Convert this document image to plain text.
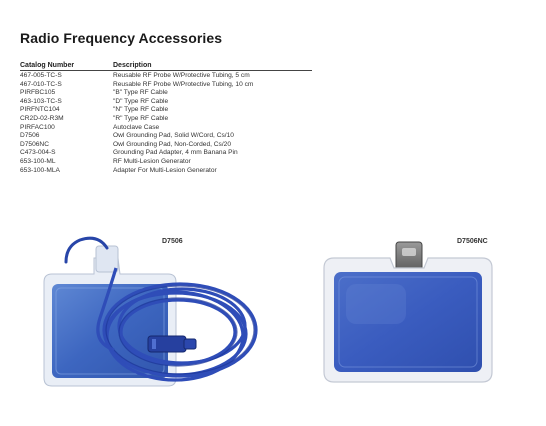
Radio Frequency Accessories
Catalog Number	Description
467-005-TC-S	Reusable RF Probe W/Protective Tubing, 5 cm
467-010-TC-S	Reusable RF Probe W/Protective Tubing, 10 cm
PIRFBC105	"B" Type RF Cable
463-103-TC-S	"D" Type RF Cable
PIRFNTC104	"N" Type RF Cable
CR2D-02-R3M	"R" Type RF Cable
PIRFAC100	Autoclave Case
D7506	Owl Grounding Pad, Solid W/Cord, Cs/10
D7506NC	Owl Grounding Pad, Non-Corded, Cs/20
C473-004-S	Grounding Pad Adapter, 4 mm Banana Pin
653-100-ML	RF Multi-Lesion Generator
653-100-MLA	Adapter For Multi-Lesion Generator
D7506	D7506NC
